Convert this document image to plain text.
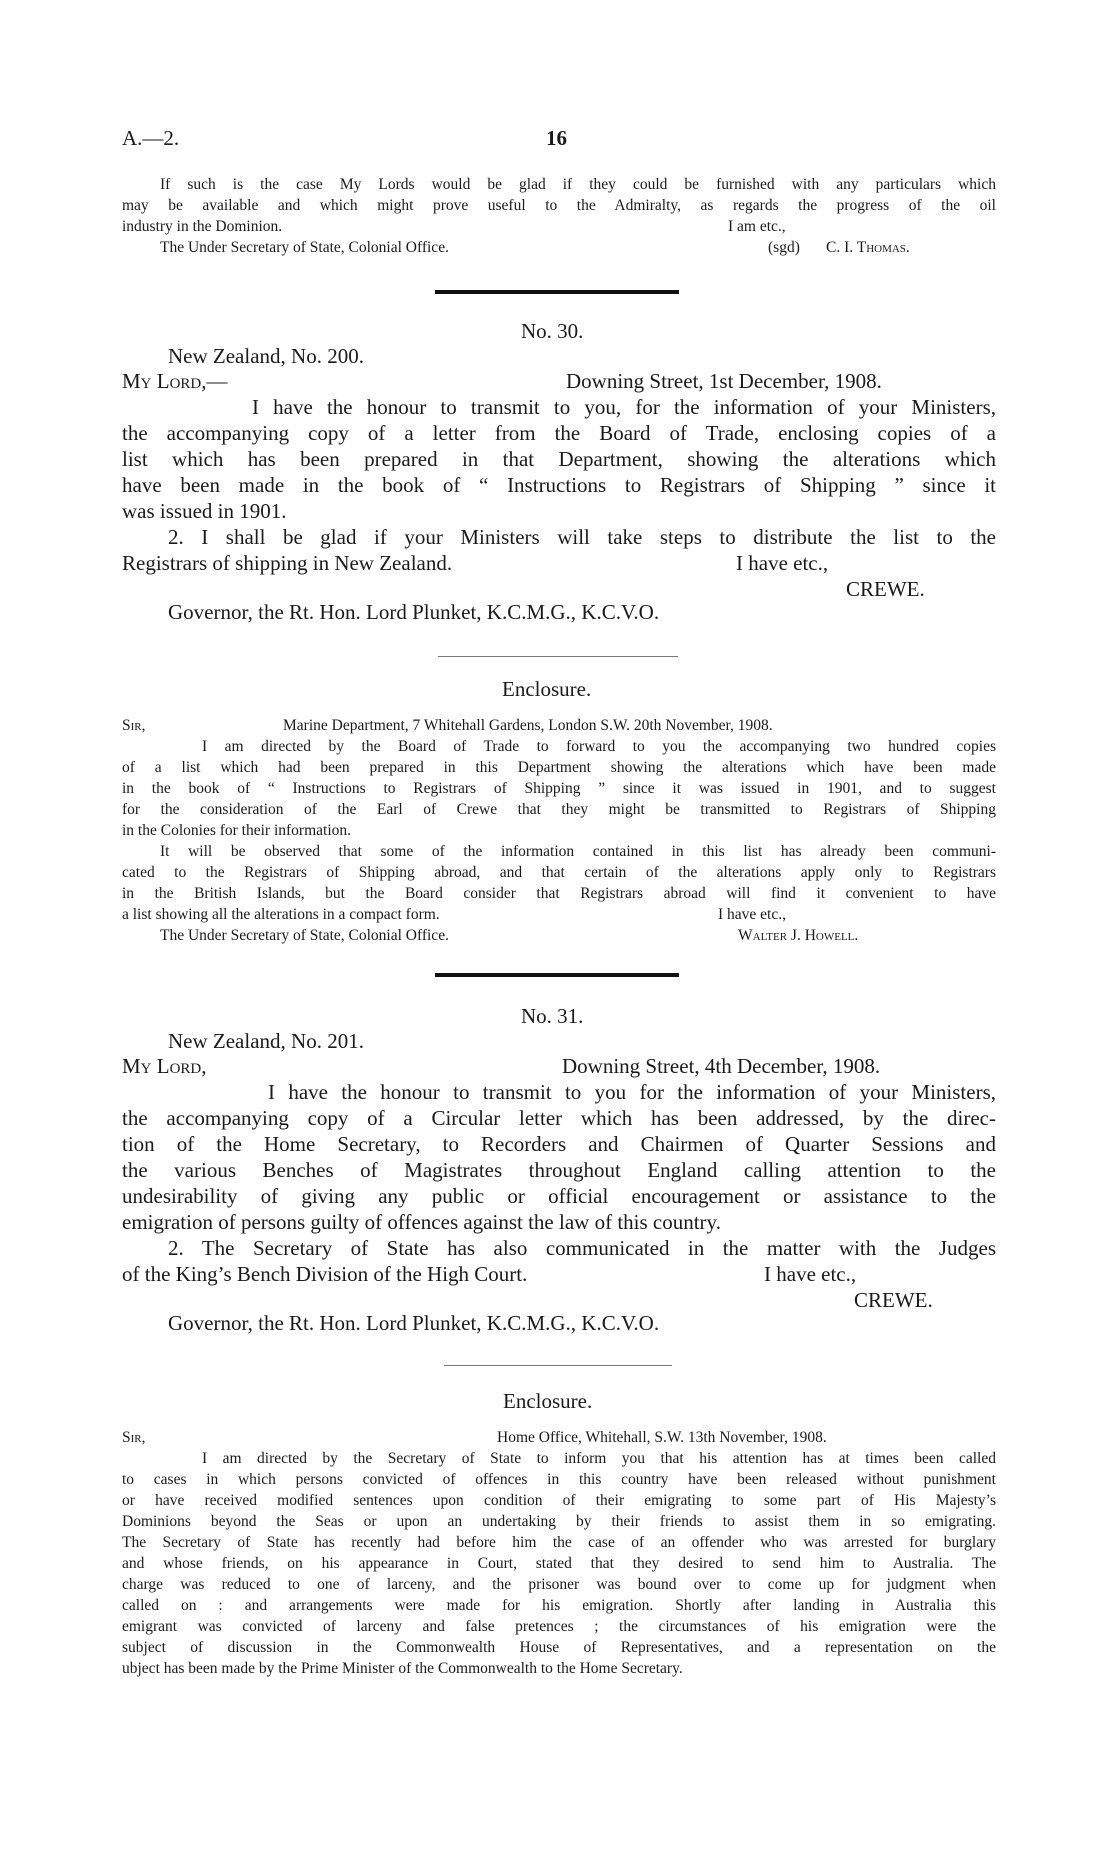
A.—2.	16
If such is the case My Lords would be glad if they could be furnished with any particulars which
may be available and which might prove useful to the Admiralty, as regards the progress of the oil
industry in the Dominion.	I am etc.,
The Under Secretary of State, Colonial Office.	(sgd) C. I. Thomas.
No. 30.
New Zealand, No. 200.
My Lord,—	Downing Street, 1st December, 1908.
I have the honour to transmit to you, for the information of your Ministers,
the accompanying copy of a letter from the Board of Trade, enclosing copies of a
list which has been prepared in that Department, showing the alterations which
have been made in the book of “ Instructions to Registrars of Shipping ” since it
was issued in 1901.
2. I shall be glad if your Ministers will take steps to distribute the list to the
Registrars of shipping in New Zealand.	I have etc.,
CREWE.
Governor, the Rt. Hon. Lord Plunket, K.C.M.G., K.C.V.O.
Enclosure.
Sir,	Marine Department, 7 Whitehall Gardens, London S.W. 20th November, 1908.
I am directed by the Board of Trade to forward to you the accompanying two hundred copies
of a list which had been prepared in this Department showing the alterations which have been made
in the book of “ Instructions to Registrars of Shipping ” since it was issued in 1901, and to suggest
for the consideration of the Earl of Crewe that they might be transmitted to Registrars of Shipping
in the Colonies for their information.
It will be observed that some of the information contained in this list has already been communi-
cated to the Registrars of Shipping abroad, and that certain of the alterations apply only to Registrars
in the British Islands, but the Board consider that Registrars abroad will find it convenient to have
a list showing all the alterations in a compact form.	I have etc.,
The Under Secretary of State, Colonial Office.	Walter J. Howell.
No. 31.
New Zealand, No. 201.
My Lord,	Downing Street, 4th December, 1908.
I have the honour to transmit to you for the information of your Ministers,
the accompanying copy of a Circular letter which has been addressed, by the direc-
tion of the Home Secretary, to Recorders and Chairmen of Quarter Sessions and
the various Benches of Magistrates throughout England calling attention to the
undesirability of giving any public or official encouragement or assistance to the
emigration of persons guilty of offences against the law of this country.
2. The Secretary of State has also communicated in the matter with the Judges
of the King’s Bench Division of the High Court.	I have etc.,
CREWE.
Governor, the Rt. Hon. Lord Plunket, K.C.M.G., K.C.V.O.
Enclosure.
Sir,	Home Office, Whitehall, S.W. 13th November, 1908.
I am directed by the Secretary of State to inform you that his attention has at times been called
to cases in which persons convicted of offences in this country have been released without punishment
or have received modified sentences upon condition of their emigrating to some part of His Majesty’s
Dominions beyond the Seas or upon an undertaking by their friends to assist them in so emigrating.
The Secretary of State has recently had before him the case of an offender who was arrested for burglary
and whose friends, on his appearance in Court, stated that they desired to send him to Australia. The
charge was reduced to one of larceny, and the prisoner was bound over to come up for judgment when
called on : and arrangements were made for his emigration. Shortly after landing in Australia this
emigrant was convicted of larceny and false pretences ; the circumstances of his emigration were the
subject of discussion in the Commonwealth House of Representatives, and a representation on the
ubject has been made by the Prime Minister of the Commonwealth to the Home Secretary.
